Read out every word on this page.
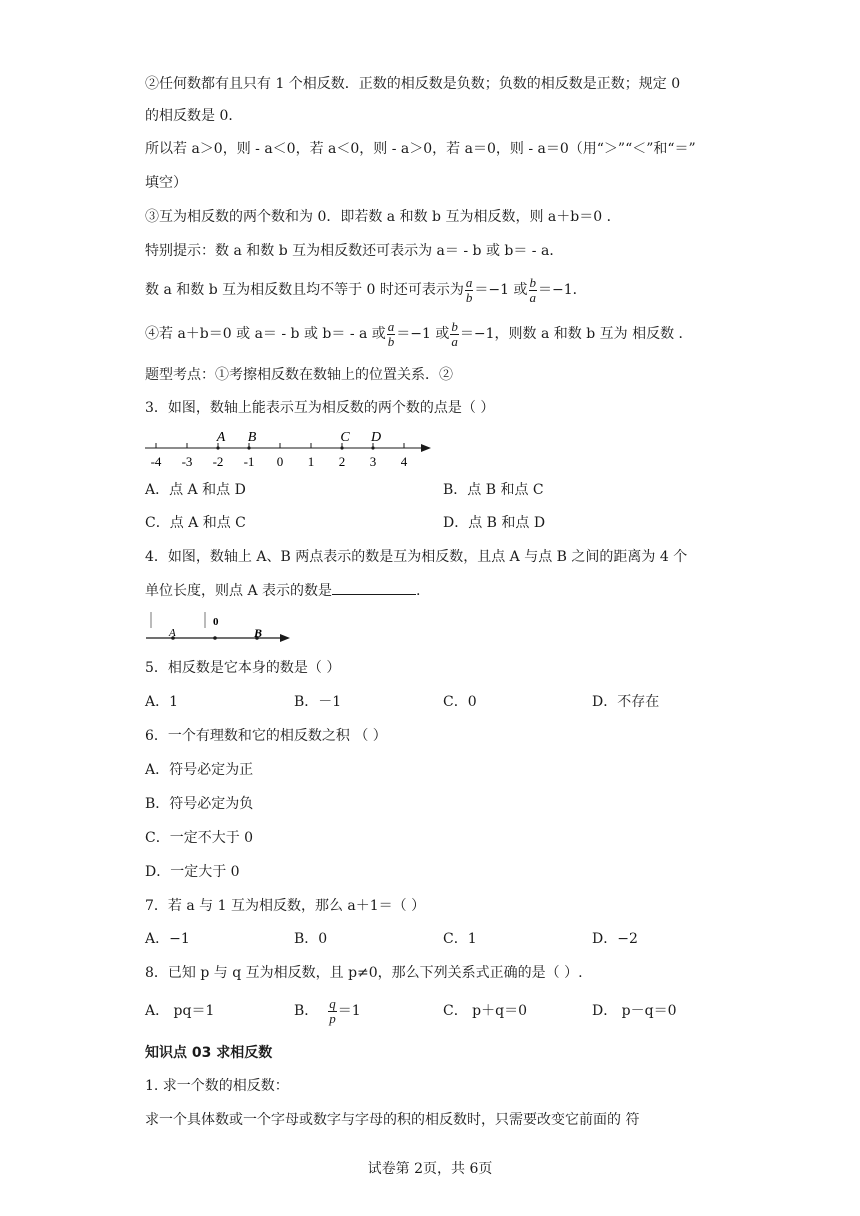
②任何数都有且只有 1 个相反数．正数的相反数是负数；负数的相反数是正数；规定 0
的相反数是 0．
所以若 a＞0，则 - a＜0，若 a＜0，则 - a＞0，若 a＝0，则 - a＝0（用“＞”“＜”和“＝”
填空）
③互为相反数的两个数和为 0．即若数 a 和数 b 互为相反数，则 a＋b＝0 ．
特别提示：数 a 和数 b 互为相反数还可表示为 a＝ - b 或 b＝ - a．
数 a 和数 b 互为相反数且均不等于 0 时还可表示为 $\frac{a}{b} =-1$ 或 $\frac{b}{a} =-1$．
④若 a＋b＝0 或 a＝ - b 或 b＝ - a 或 $\frac{a}{b} =-1$ 或 $\frac{b}{a} =-1$，则数 a 和数 b 互为 相反数 ．
题型考点：①考擦相反数在数轴上的位置关系．②
3．如图，数轴上能表示互为相反数的两个数的点是（ ）
-4 -3 -2 -1 0 1 2 3 4
A B	C D
A．点 A 和点 D	B．点 B 和点 C
C．点 A 和点 C	D．点 B 和点 D
4．如图，数轴上 A、B 两点表示的数是互为相反数，且点 A 与点 B 之间的距离为 4 个
单位长度，则点 A 表示的数是	.
0
A	B
5．相反数是它本身的数是（ ）
A．1	B．－1	C．0	D．不存在
6．一个有理数和它的相反数之积 （ ）
A．符号必定为正
B．符号必定为负
C．一定不大于 0
D．一定大于 0
7．若 a 与 1 互为相反数，那么 a＋1＝（ ）
A．−1	B．0	C．1	D．−2
8．已知 p 与 q 互为相反数，且 p≠0，那么下列关系式正确的是（ ）.
A． pq＝1	B． $\frac{q}{p} =1$	C． p＋q＝0	D． p－q＝0
知识点 03 求相反数
1. 求一个数的相反数：
求一个具体数或一个字母或数字与字母的积的相反数时，只需要改变它前面的 符
试卷第 2页，共 6页
